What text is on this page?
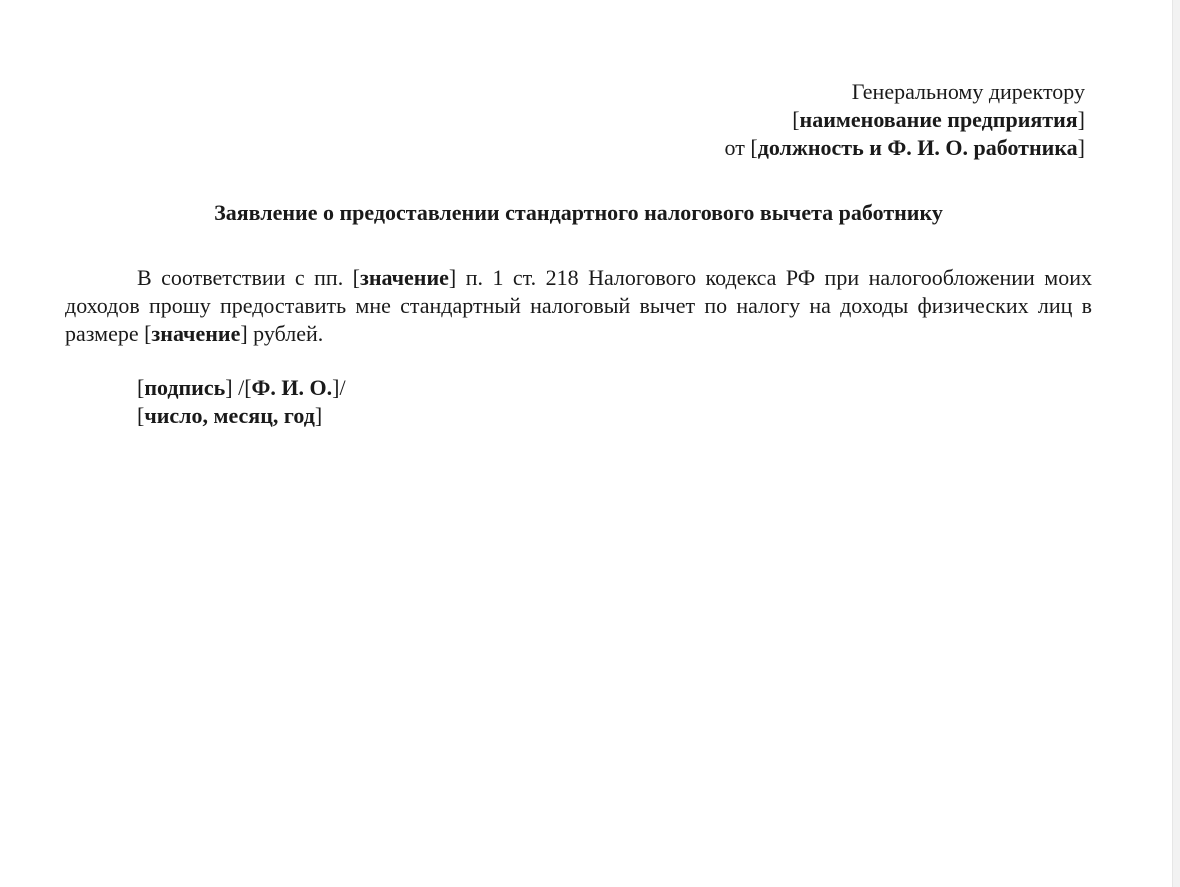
Генеральному директору
[наименование предприятия]
от [должность и Ф. И. О. работника]
Заявление о предоставлении стандартного налогового вычета работнику
В соответствии с пп. [значение] п. 1 ст. 218 Налогового кодекса РФ при налогообложении моих доходов прошу предоставить мне стандартный налоговый вычет по налогу на доходы физических лиц в размере [значение] рублей.
[подпись] /[Ф. И. О.]/
[число, месяц, год]
